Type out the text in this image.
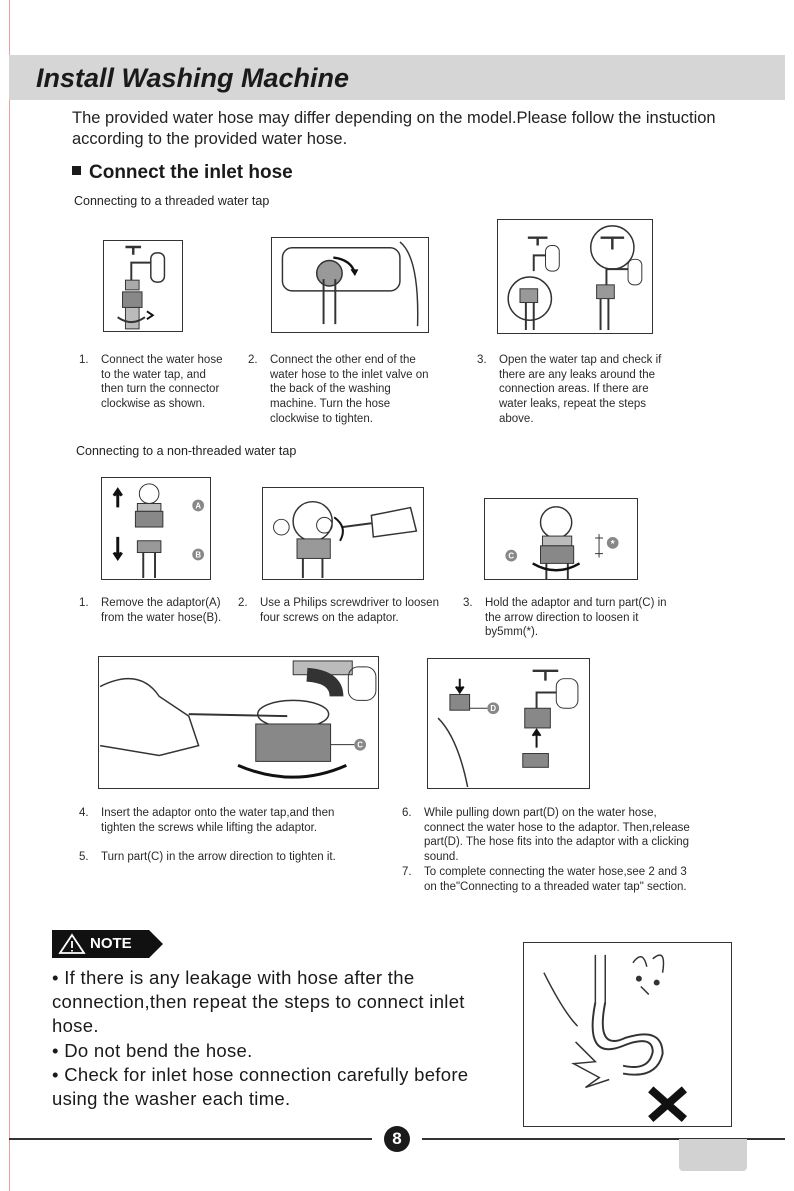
Install Washing Machine

The provided water hose may differ depending on the model.Please follow the instuction according to the provided water hose.

Connect the inlet hose
Connecting to a threaded water tap
1. Connect the water hose to the water tap, and then turn the connector clockwise as shown.
2. Connect the other end of the water hose to the inlet valve on the back of the washing machine. Turn the hose clockwise to tighten.
3. Open the water tap and check if there are any leaks around the connection areas. If there are water leaks, repeat the steps above.
Connecting to a non-threaded water tap
A
B	C
*
1. Remove the adaptor(A) from the water hose(B).
2. Use a Philips screwdriver to loosen four screws on the adaptor.
3. Hold the adaptor and turn part(C) in the arrow direction to loosen it by5mm(*).
C
D
4. Insert the adaptor onto the water tap,and then tighten the screws while lifting the adaptor.
5. Turn part(C) in the arrow direction to tighten it.
6. While pulling down part(D) on the water hose, connect the water hose to the adaptor. Then,release part(D). The hose fits into the adaptor with a clicking sound.
7. To complete connecting the water hose,see 2 and 3 on the"Connecting to a threaded water tap" section.
NOTE
• If there is any leakage with hose after the connection,then repeat the steps to connect inlet hose.
• Do not bend the hose.
• Check for inlet hose connection carefully before using the washer each time.
8
